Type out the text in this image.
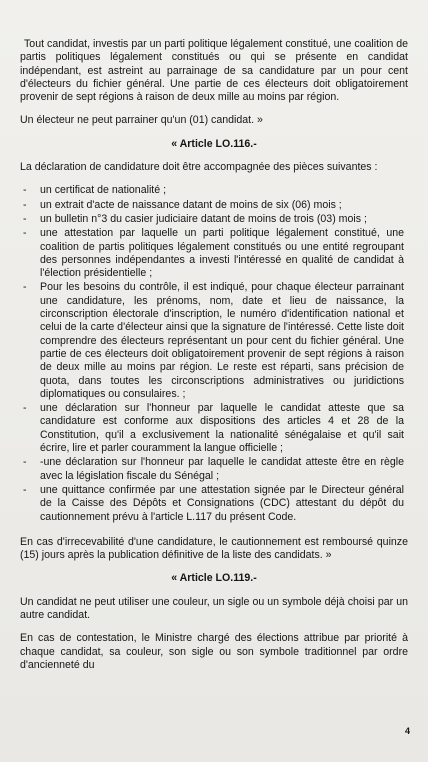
Tout candidat, investis par un parti politique légalement constitué, une coalition de partis politiques légalement constitués ou qui se présente en candidat indépendant, est astreint au parrainage de sa candidature par un pour cent d'électeurs du fichier général. Une partie de ces électeurs doit obligatoirement provenir de sept régions à raison de deux mille au moins par région.

Un électeur ne peut parrainer qu'un (01) candidat. »

« Article LO.116.-

La déclaration de candidature doit être accompagnée des pièces suivantes :

- un certificat de nationalité ;
- un extrait d'acte de naissance datant de moins de six (06) mois ;
- un bulletin n°3 du casier judiciaire datant de moins de trois (03) mois ;
- une attestation par laquelle un parti politique légalement constitué, une coalition de partis politiques légalement constitués ou une entité regroupant des personnes indépendantes a investi l'intéressé en qualité de candidat à l'élection présidentielle ;
- Pour les besoins du contrôle, il est indiqué, pour chaque électeur parrainant une candidature, les prénoms, nom, date et lieu de naissance, la circonscription électorale d'inscription, le numéro d'identification national et celui de la carte d'électeur ainsi que la signature de l'intéressé. Cette liste doit comprendre des électeurs représentant un pour cent du fichier général. Une partie de ces électeurs doit obligatoirement provenir de sept régions à raison de deux mille au moins par région. Le reste est réparti, sans précision de quota, dans toutes les circonscriptions administratives ou juridictions diplomatiques ou consulaires. ;
- une déclaration sur l'honneur par laquelle le candidat atteste que sa candidature est conforme aux dispositions des articles 4 et 28 de la Constitution, qu'il a exclusivement la nationalité sénégalaise et qu'il sait écrire, lire et parler couramment la langue officielle ;
- -une déclaration sur l'honneur par laquelle le candidat atteste être en règle avec la législation fiscale du Sénégal ;
- une quittance confirmée par une attestation signée par le Directeur général de la Caisse des Dépôts et Consignations (CDC) attestant du dépôt du cautionnement prévu à l'article L.117 du présent Code.

En cas d'irrecevabilité d'une candidature, le cautionnement est remboursé quinze (15) jours après la publication définitive de la liste des candidats. »

« Article LO.119.-

Un candidat ne peut utiliser une couleur, un sigle ou un symbole déjà choisi par un autre candidat.

En cas de contestation, le Ministre chargé des élections attribue par priorité à chaque candidat, sa couleur, son sigle ou son symbole traditionnel par ordre d'ancienneté du

4
